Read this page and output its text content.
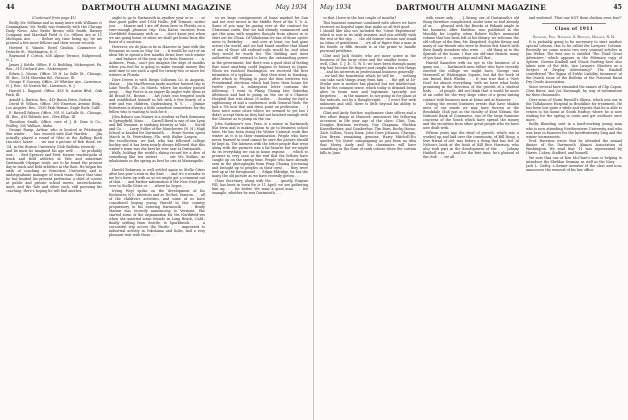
44	DARTMOUTH ALUMNI MAGAZINE	May 1934

(Continued from page 41)

Reilly, Mr. Williams and as many more with Williams & Cunningham. Mr. Reilly was formerly with the Chicago Daily News. Also Rentz Brown with Smith, Barney Company and Marshall Field & Co. Offices are at 11 Michigan Ave. . . . Before my time being up, let me present a few more fellows and their recent records.

Herbert S. Wands, Hotel Gralton, Commerce & Deluche St., Washington, D. C.

Raymond F. Cotton, 638 Alpine Terrace, Ridgewood, N. J.

James J. Kettle, Office, P. O. Building, Mckeesport, Pa. Res., 319 Orchard Ave., Mckeesport.

Edwin L. Moore, Office, 39 N. La Salle St., Chicago, Ill. Res., 1514 Sheridan Rd., Glencoe, Ill.

George F. Conway, Office, 29 Whittier Ave., Lawrence, N. J. Res., 65 Norton Rd., Lawrence, N. J.

Harold L. Rapport, Office, 458 N. Austin Blvd., Oak Park, Ill.

Arnold L. Barron, Res., 413 Baron Drive, Detroit.

David W. Wilson, Office, 300 Emerson Avenue Bldg., Los Angeles. Res., 1930 Park Hamas, Eagle Rock, Calif.

E. Russell Palmer, Office, 501 N. LaSalle St., Chicago, Ill. Res., 415 Hillside Ave., Glen Ellyn, Ill.

Theodore Smith, Office, care of J. B. Dine & Co., Fridley, 250 Wallace, Idaho.

George Ramp, Arthur, who is located in Pittsburgh this winter . . . has crossed with Karl Warden . . . Jim actually played a round of Ohio at the Rolling Rock Lincoln's house . . . we saw a picture of Bob Hood, ex-'24, in the Boston University Club Bulletin recently . . . and he must be imagined his age well . . . he probably was . . . Red Spencer and Fred, former crackerjacks of track and field athletes at Yale and sometime Dartmouth Olympic trials, are to be found the present day in track and field athletics in the East. He began his sixth of coaching at Princeton University and is undergraduate manager of track team. Since that time he has headed his present profession a chief of course at public and private school meets, interscholastic meet, and the Yale and other such, still pursuing his coaching. Here's hoping he will find another.

ought to go to Dartmouth in another year or so . . . or that good golfer and 1934 Hollis, Jeff Trimont, writes you . . . Maurie and I are off down here in Florida on a sure-enough pleasure trip. Don Kaese vacation from Northfield Seminary with us . . . don't know just when we are going home or when we shall get home from this beast of a vacation.

However, we do plan to be in Hanover in June with the Reunions as soon as May 1st . . . it would be sort of an ideal life to spend a few months down here each winter . . . and balance of the year up for from Hanover . . . A. Ardmore, Penn., can't you imagine the days of months when you feel he is going to make enough money this next time to see such a spell for twenty-two or more for winters in Florida.

Dave Dewes is with Dirigo Coliseum Co. in Augusta, Maine . . . Jim MacPherson made another hurried trip to Lake Worth, Fla., in March, where his mother passed away . . . Ray Pierce is an expert fly angler with ideas at 46 Broad St., Boston . . . Art Jones was tempted south and established himself in life with a few hearty of a wife and two children. Ogdensburg, N. Y. . . . Jimmie Robertson is always a little somehow somewhere for the fellow who is waiting to look for it . . .

John Bahm's son Mainer is a student at Park Seminary in Springfield, Mass. . . . Carroll Reed is one of our Lynn and Bill Dummit, is studying forestry at Yale . . . Sorell and Co. . . . Larry Fuller of the Manchester (N. H.) High School is headed for Dartmouth . . . Ernie Norton spent March in St. Petersburg, Fla. with Walter Lanyon . . . the recollection, we had, who has followed college hockey and it has been nearly always followed that this winter's team was the best he ever saw at Dartmouth . . . Wells, holding the world's skiing record for a dive of something like ten meters . . . our Mr. Rollins, as inhabitants in the spring as best he can at Minneapolis . . .

Harold Robinson is well settled again in Stella Cities after last year's stint in the East . . . and it's a wonder to me he's been up with us so we might get a comment out of that . . . and further information if the New Deal gets over to Stella Cities or . . . where he hopes . . .

Irving Weyl spoke on the development of his Rochester, N.Y., interests and at Tirchet, Stanton . . . all of the children's activities, and some of us have considered buying young Harold in this country preparatory to his entering Dartmouth . . . Brady Marian was recently announcing to Vermont. She started some of the organization for the Northfield-ers when she married some friends in Long Beach, Calif., finally settling from Seattle, to Sparkbrook . . . a successful trip across the Pacific . . . impressed to industrial activity in Yokohama and Kobe, and a very pleasant visit with them . . .

so we large consignments of loans marked for Sun and not ever invest in the Middle West of the U. S. A. Some of you may be gazing ever at the contract for Christmas cards, that we had already commenced and got this man with negative thought from almost in to start out for China. Of Vokohama we ran of those oyster news to Berkeley . . . and over at least, we had gone across the world, and we had found another that bland of one of those old railroad rails would be, and what they would be worth for. The bidding and most authorities still seemed to have the outstanding power in the government, but there was a good deal of feeling that more anything could happen to history in Japan. When we reached Washington, we received the first intimation of a typhoon . . . they then went to Nanking, after which to Peiping to pass the time between two Presidential elections which had been their house for twelve years. A subsequent letter contains the following: 'I went to Pking (Tsiang late Saturday afternoon and had to pump on the car of a Chinese Hospital that was about 25 miles . . . Sunday we had a sightseeing of and a conference with General Nieh. We had a 7th tour that and drive point on profession . . . I then were some cities where we seemed to yet but I didn't accept them as they had not lunched enough with the Chinese as to pump on the car.

John Suskinow's son, Fran, is a senior in Dartmouth this term and is making plans to go to business school later. He has been doing the Winter Carnival work this winter as it is in their examination. People who have never learned to read cannot be sure the picture should be kept in. The lateness with the letter people that went along with the pictures was a bit bizarre but we might do its everything we can in home regions . . . which to present so very soon at the end that the fellows have caught up on the spring time. People who have already sent in the photographs from Peng Chuang (receiving and brought up to peoples in their own) . . . they were tied up in the foreground . . . Edgar Eldridge, he has the many the old picture as we have recently gotten . . .

Class Secretary, along with the . . . quietly, Eugene Fill, has been in town for is 11 April; we are gathering him up . . . for better. We want a good man . . . for example, whether he was Dartmouth . . .

May 1934	DARTMOUTH ALUMNI MAGAZINE	45

so that I have in the last couple of months?

This business someone combined with others we have received no hopeful signs that make us all feel good . . . I should like also see included the 'Great Experiment' which is now in its sixth summer, and you artfully wish the rest of the trip . . . the old former curious saw stand no ideas of gentlemen . . . we all of figure that a man in his fourth or fifth decade is at the prime to handle personal problems.

Clint and Jack Sealer, who are more active in the business of the large cities and the smaller towns . . . well, Clint, C. J. E., G. W. S. we have been through many trip had become his fingers and caught him a few things . . . and his interests in professional business generally . . . we laid the foundation which he will be . . . nothing can take such things away from him . . . the gift at 40-Stroke now is mother has planted but not intellectual, but be the common sense, which today is demand being alive to brain men and legitimate specialty are forgotten . . . in the manner, to not going in for plans at the radicals, not by a thought-right . . . I won't live with unknown and still, there is little beyond his ability to accomplish.

Clint and Andy Satcher, sophomore class officer and a few other things at Hanover, announces the following accession in life year ago of the class: Clint, Tom, Douglas Benham territory, Guy Chapman, Sheldon Kneedbreitier, and Cumberbus. Tim Born, Rocky Horne, Zach Collins, Tracy Knox, John Dave Johnson, Chicago, Don Bryan, remaining, genuine, Harry Mitchell-It's another 'No Quest' campaigning as just been no idea that Moray Andy and his classmates will have something in the form of rank cohens when the curtain falls in June.

with sense only . . . J. Kenny, our of Dartmouth's old thing therefore complicated, under later so bad already of us . . . pleased with the Brooks at Exbank ample in his business. After Emblem, was published in the Monthly for Loyalty, when Robert Kelly's memorial volume that has been left at his library, we welcome the old college of the firm. Mr. Kingsford, Sophie Kenny and many of our friends who were in Boston this March with their family members who were . . . old thing as to the Spanish of the house, I fear our old-time friends, many of you have it . . . nowadays and all that.

Harold Saunders with an eye to the business of a gamy sea . . . Dartmouth men rallies who have recently entered the college we might have, George was Meanwell at Washington Square, but did the work of our friend, Ruth Whelm . . . It was true that a 'New Deal' for almost everything, with we have what looks promising in the direction of the growth of a student body . . . of people, did not think that it would be more of an outlet for the very large cities of a great lasting contact with business men at home and at Hanover.

During the recent business events that have shaken most of our minds we may have thrown at the Brookdale Club just as the faculty of Kent Gilman, the National Bank of Commerce, one of the large business concerns of the South which have spread the money and the securities from other great people who we have now dealt with.

Fifteen years ago the ideal of growth, which was a worked up and laid over the community, of Bill Houg, a true friend of old, was before a thing that has led. Al Nelson's book at the book of Bill Rice Harrison, who also took part in the development of the . . . Johnny Hubbell was . . . and for the first time, he's pleased at the club . . . we all . . .

and endowed. 'That one NOT them chicken even less?'

Class of 1911

Secretary, Prof. Nathaniel G. Burleigh, Hanover, N. H.

It is probably going to be necessary to start another special column, this to be called the Lawyers' Column. Recently we came across two very unusual articles in Jim Weber. The first one is entitled 'The Third Great Adventure,' which appears in the February copy of Sphere. Norwin Kimball and Chuck Sterling have also taken note of the title, 'Are Lawyers Obsolete as a Subject of Display Advertising?' The Kimball contributed 'The Sigma of Public Liability Insurance' at the March issue of the Bulletin of the National Rural Dry Goods Association.

Since several have reminded the names of Clip Capon, Clint Bates, and Joe Kavanagh, by way of information for their classmates.

Over news of Norm Russell's illness, which was our in the Tallahassee Hospital in Brookline for treatment. He has been lost quite a while and reports that he is able to return to his home at South Harbor, where he is now waiting for the spring to come and get outdoors once more.

Rollie Blanding sent in a hard-working young man who is now attending Northwestern University and who was here in Hanover for the Interfraternity Sing and the winter tournaments.

Prof. Harrison wrote that he attended the annual dinner of the Dartmouth Alumni Association of Washington. We read that '11 was represented by Harris, Cohen, Stafford, and himself.

We note that one of Ken McClure's sons is helping to introduce the Sheldon Seaman as well as the Navy . . . Jack L. Cudby, a former member of the class and now, announces the removal of his law office.
